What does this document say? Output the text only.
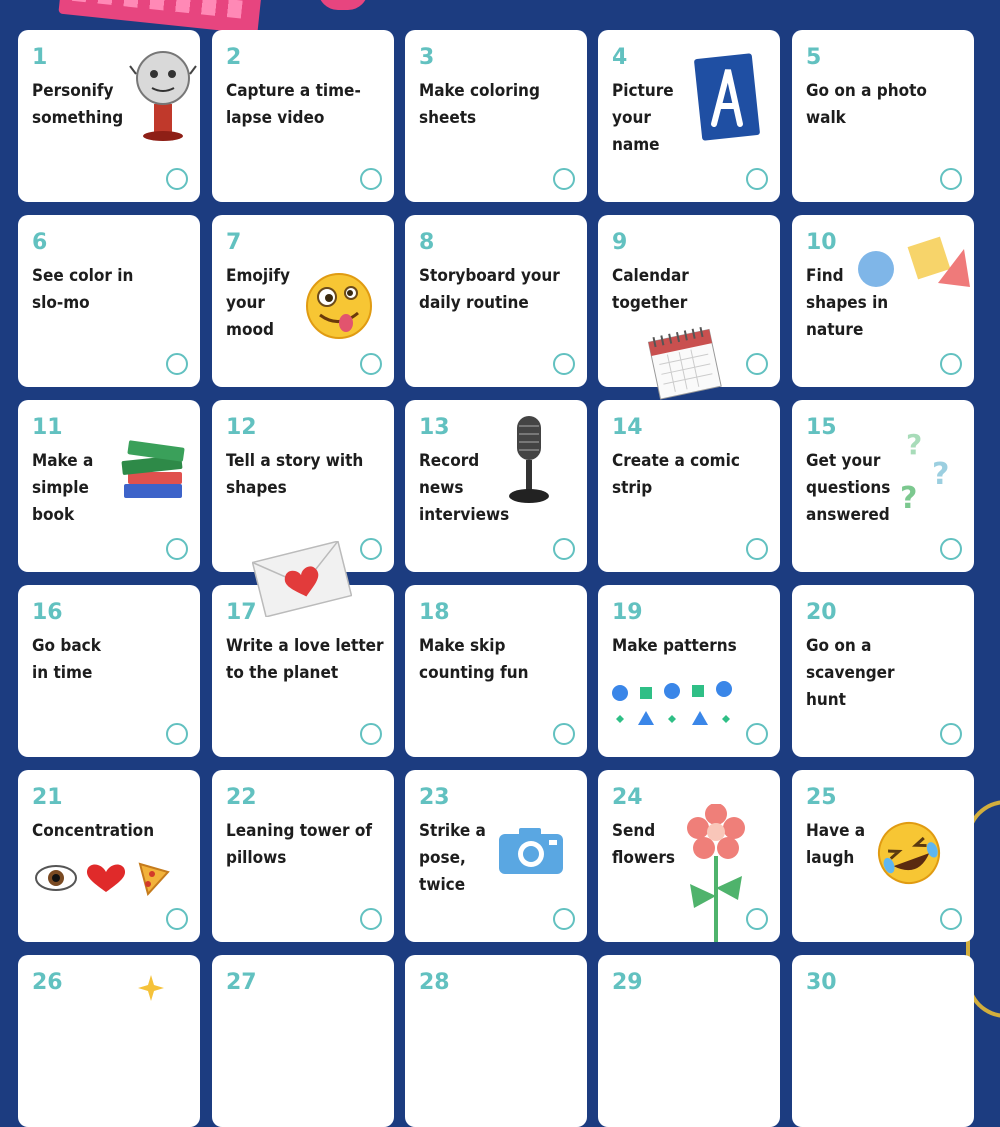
1
Personify something
2
Capture a time-lapse video
3
Make coloring sheets
4
Picture your name
5
Go on a photo walk
6
See color in slo-mo
7
Emojify your mood
8
Storyboard your daily routine
9
Calendar together
10
Find shapes in nature
11
Make a simple book
12
Tell a story with shapes
13
Record news interviews
14
Create a comic strip
15
Get your questions answered
?
?
?
16
Go back in time
17
Write a love letter to the planet
18
Make skip counting fun
19
Make patterns
20
Go on a scavenger hunt
21
Concentration
22
Leaning tower of pillows
23
Strike a pose, twice
24
Send flowers
25
Have a laugh
26	27	28	29	30
